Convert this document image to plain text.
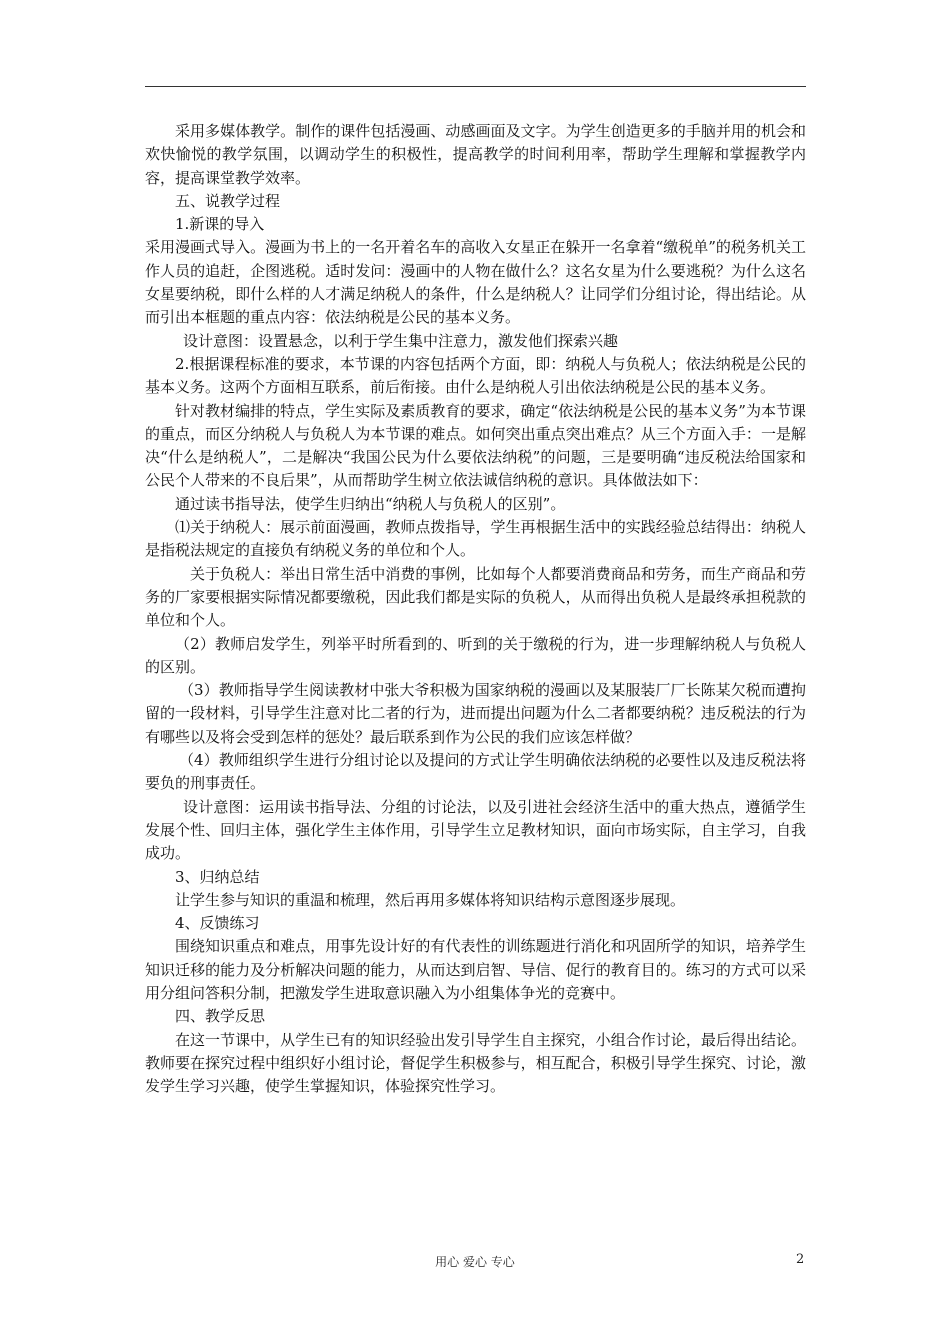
采用多媒体教学。制作的课件包括漫画、动感画面及文字。为学生创造更多的手脑并用的机会和欢快愉悦的教学氛围，以调动学生的积极性，提高教学的时间利用率，帮助学生理解和掌握教学内容，提高课堂教学效率。

五、说教学过程

1.新课的导入

采用漫画式导入。漫画为书上的一名开着名车的高收入女星正在躲开一名拿着“缴税单”的税务机关工作人员的追赶，企图逃税。适时发问：漫画中的人物在做什么？这名女星为什么要逃税？为什么这名女星要纳税，即什么样的人才满足纳税人的条件，什么是纳税人？让同学们分组讨论，得出结论。从而引出本框题的重点内容：依法纳税是公民的基本义务。

设计意图：设置悬念，以利于学生集中注意力，激发他们探索兴趣

2.根据课程标准的要求，本节课的内容包括两个方面，即：纳税人与负税人；依法纳税是公民的基本义务。这两个方面相互联系，前后衔接。由什么是纳税人引出依法纳税是公民的基本义务。

针对教材编排的特点，学生实际及素质教育的要求，确定“依法纳税是公民的基本义务”为本节课的重点，而区分纳税人与负税人为本节课的难点。如何突出重点突出难点？从三个方面入手：一是解决“什么是纳税人”，二是解决“我国公民为什么要依法纳税”的问题，三是要明确“违反税法给国家和公民个人带来的不良后果”，从而帮助学生树立依法诚信纳税的意识。具体做法如下：

通过读书指导法，使学生归纳出“纳税人与负税人的区别”。

⑴关于纳税人：展示前面漫画，教师点拨指导，学生再根据生活中的实践经验总结得出：纳税人是指税法规定的直接负有纳税义务的单位和个人。

关于负税人：举出日常生活中消费的事例，比如每个人都要消费商品和劳务，而生产商品和劳务的厂家要根据实际情况都要缴税，因此我们都是实际的负税人，从而得出负税人是最终承担税款的单位和个人。

（2）教师启发学生，列举平时所看到的、听到的关于缴税的行为，进一步理解纳税人与负税人的区别。

（3）教师指导学生阅读教材中张大爷积极为国家纳税的漫画以及某服装厂厂长陈某欠税而遭拘留的一段材料，引导学生注意对比二者的行为，进而提出问题为什么二者都要纳税？违反税法的行为有哪些以及将会受到怎样的惩处？最后联系到作为公民的我们应该怎样做？

（4）教师组织学生进行分组讨论以及提问的方式让学生明确依法纳税的必要性以及违反税法将要负的刑事责任。

设计意图：运用读书指导法、分组的讨论法，以及引进社会经济生活中的重大热点，遵循学生发展个性、回归主体，强化学生主体作用，引导学生立足教材知识，面向市场实际，自主学习，自我成功。

3、归纳总结

让学生参与知识的重温和梳理，然后再用多媒体将知识结构示意图逐步展现。

4、反馈练习

围绕知识重点和难点，用事先设计好的有代表性的训练题进行消化和巩固所学的知识，培养学生知识迁移的能力及分析解决问题的能力，从而达到启智、导信、促行的教育目的。练习的方式可以采用分组问答积分制，把激发学生进取意识融入为小组集体争光的竞赛中。

四、教学反思

在这一节课中，从学生已有的知识经验出发引导学生自主探究，小组合作讨论，最后得出结论。教师要在探究过程中组织好小组讨论，督促学生积极参与，相互配合，积极引导学生探究、讨论，激发学生学习兴趣，使学生掌握知识，体验探究性学习。

用心 爱心 专心	2
